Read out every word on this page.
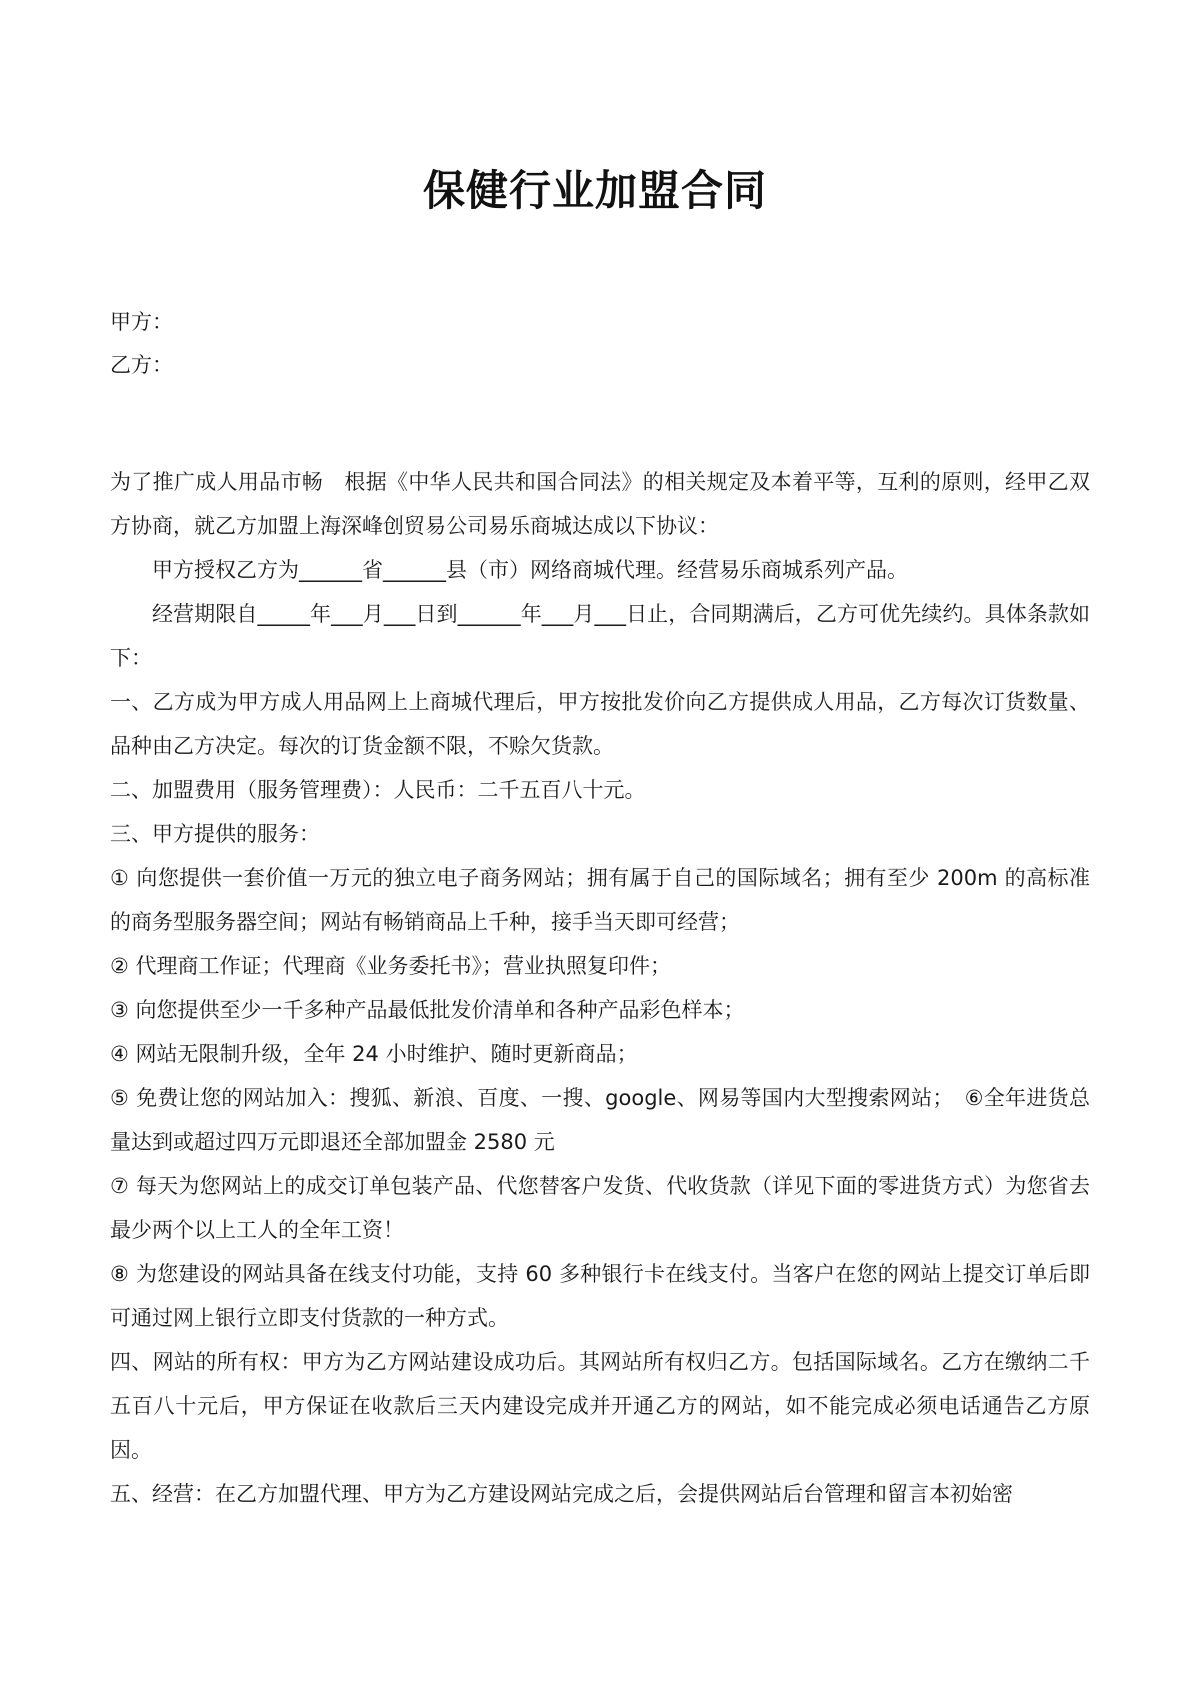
保健行业加盟合同
甲方：
乙方：

为了推广成人用品市畅　根据《中华人民共和国合同法》的相关规定及本着平等，互利的原则，经甲乙双方协商，就乙方加盟上海深峰创贸易公司易乐商城达成以下协议：

甲方授权乙方为______省______县（市）网络商城代理。经营易乐商城系列产品。

经营期限自_____年___月___日到______年___月___日止，合同期满后，乙方可优先续约。具体条款如下：

一、乙方成为甲方成人用品网上上商城代理后，甲方按批发价向乙方提供成人用品，乙方每次订货数量、品种由乙方决定。每次的订货金额不限，不赊欠货款。

二、加盟费用（服务管理费）：人民币：二千五百八十元。

三、甲方提供的服务：

① 向您提供一套价值一万元的独立电子商务网站；拥有属于自己的国际域名；拥有至少 200m 的高标准的商务型服务器空间；网站有畅销商品上千种，接手当天即可经营；

② 代理商工作证；代理商《业务委托书》；营业执照复印件；

③ 向您提供至少一千多种产品最低批发价清单和各种产品彩色样本；

④ 网站无限制升级，全年 24 小时维护、随时更新商品；

⑤ 免费让您的网站加入：搜狐、新浪、百度、一搜、google、网易等国内大型搜索网站；　⑥全年进货总量达到或超过四万元即退还全部加盟金 2580 元

⑦ 每天为您网站上的成交订单包装产品、代您替客户发货、代收货款（详见下面的零进货方式）为您省去最少两个以上工人的全年工资！

⑧ 为您建设的网站具备在线支付功能，支持 60 多种银行卡在线支付。当客户在您的网站上提交订单后即可通过网上银行立即支付货款的一种方式。

四、网站的所有权：甲方为乙方网站建设成功后。其网站所有权归乙方。包括国际域名。乙方在缴纳二千五百八十元后，甲方保证在收款后三天内建设完成并开通乙方的网站，如不能完成必须电话通告乙方原因。

五、经营：在乙方加盟代理、甲方为乙方建设网站完成之后，会提供网站后台管理和留言本初始密
